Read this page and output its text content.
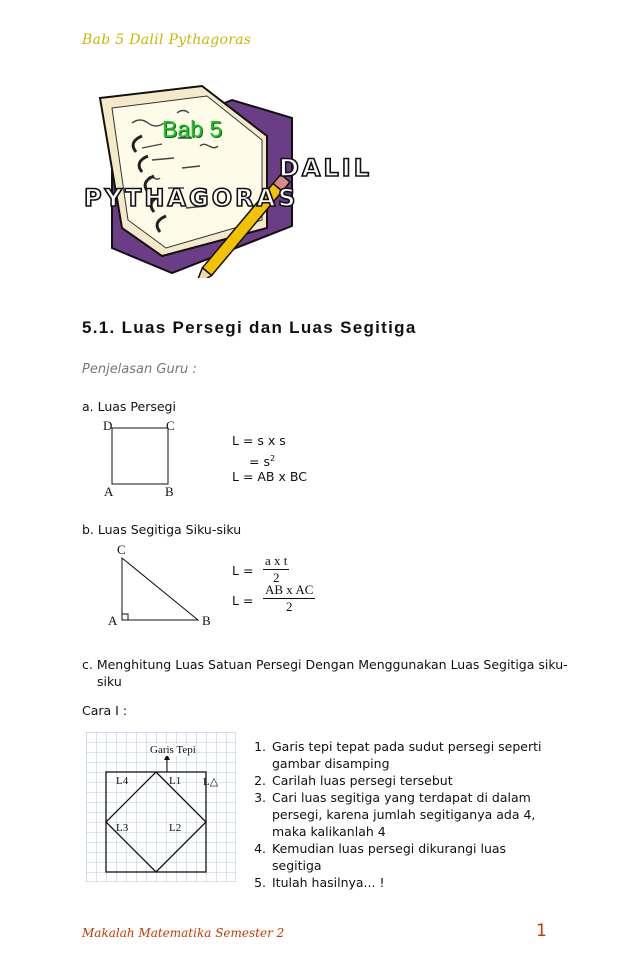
Bab 5 Dalil Pythagoras
Bab 5
DALIL
PYTHAGORAS
5.1. Luas Persegi dan Luas Segitiga
Penjelasan Guru :
a. Luas Persegi
D	C
A	B
L = s x s
= $s^2$
L = AB x BC
b. Luas Segitiga Siku-siku
C
A	B
$L = \frac{\text{a x t}}{2}$
$L = \frac{\text{AB x AC}}{2}$
c. Menghitung Luas Satuan Persegi Dengan Menggunakan Luas Segitiga siku-
siku
Cara I :
Garis Tepi
L4	L1
L3	L2
L△
1. Garis tepi tepat pada sudut persegi seperti gambar disamping
2. Carilah luas persegi tersebut
3. Cari luas segitiga yang terdapat di dalam persegi, karena jumlah segitiganya ada 4, maka kalikanlah 4
4. Kemudian luas persegi dikurangi luas segitiga
5. Itulah hasilnya... !
Makalah Matematika Semester 2	1
